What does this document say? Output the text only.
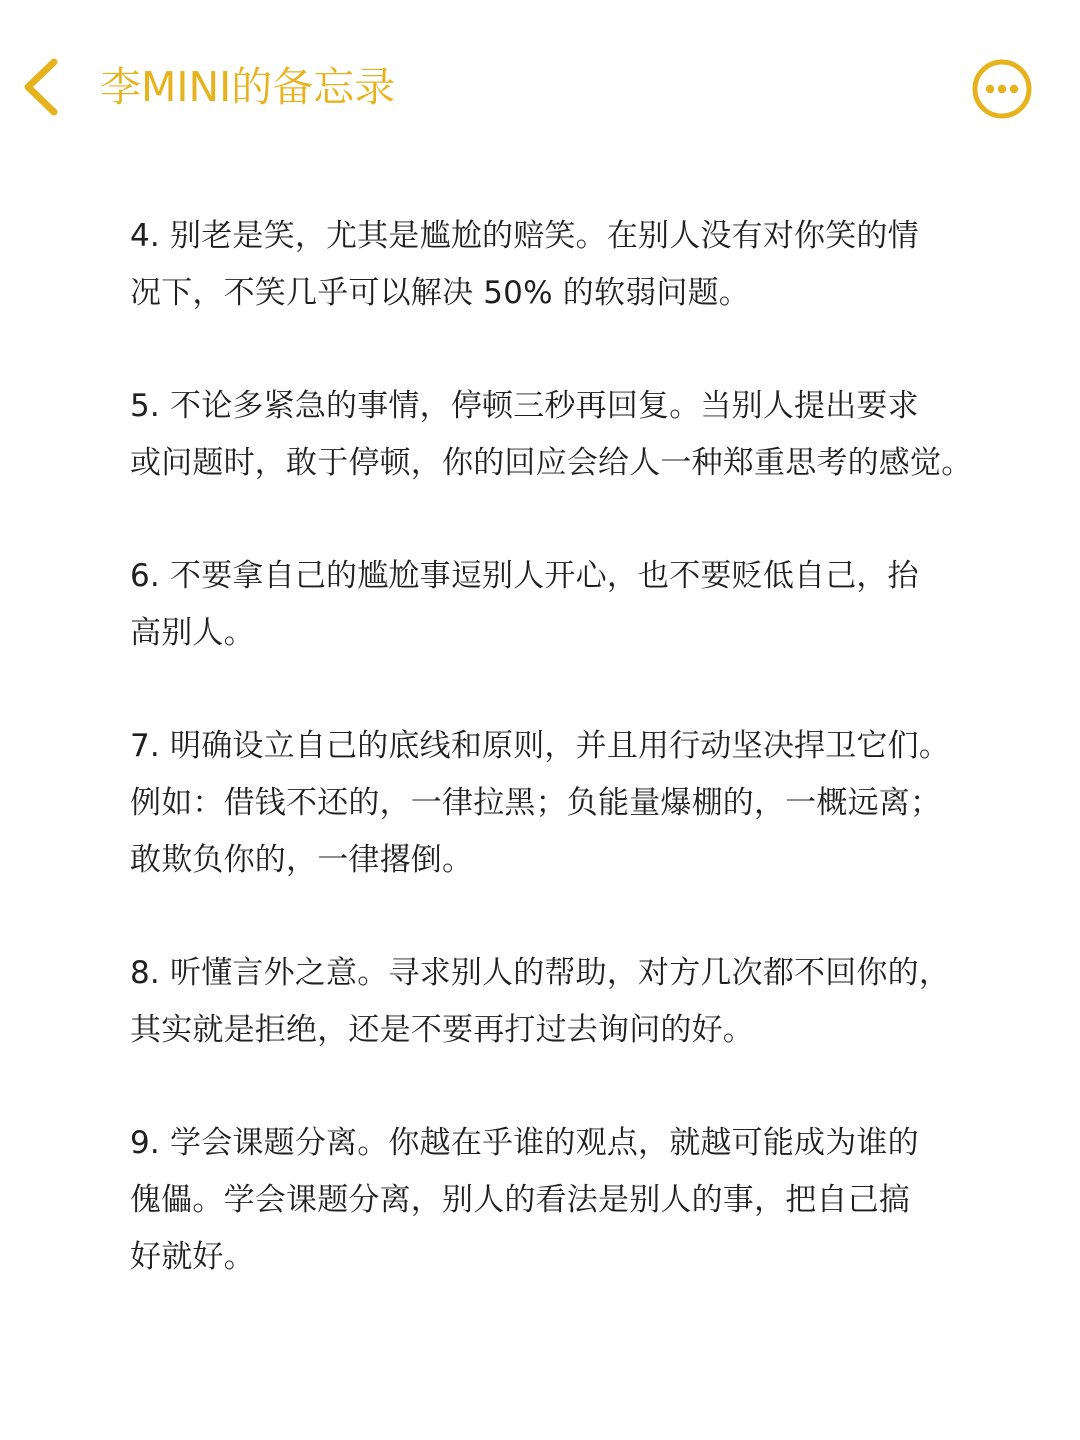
李MINI的备忘录

4. 别老是笑，尤其是尴尬的赔笑。在别人没有对你笑的情
况下，不笑几乎可以解决 50% 的软弱问题。

5. 不论多紧急的事情，停顿三秒再回复。当别人提出要求
或问题时，敢于停顿，你的回应会给人一种郑重思考的感觉。

6. 不要拿自己的尴尬事逗别人开心，也不要贬低自己，抬
高别人。

7. 明确设立自己的底线和原则，并且用行动坚决捍卫它们。
例如：借钱不还的，一律拉黑；负能量爆棚的，一概远离；
敢欺负你的，一律撂倒。

8. 听懂言外之意。寻求别人的帮助，对方几次都不回你的，
其实就是拒绝，还是不要再打过去询问的好。

9. 学会课题分离。你越在乎谁的观点，就越可能成为谁的
傀儡。学会课题分离，别人的看法是别人的事，把自己搞
好就好。
